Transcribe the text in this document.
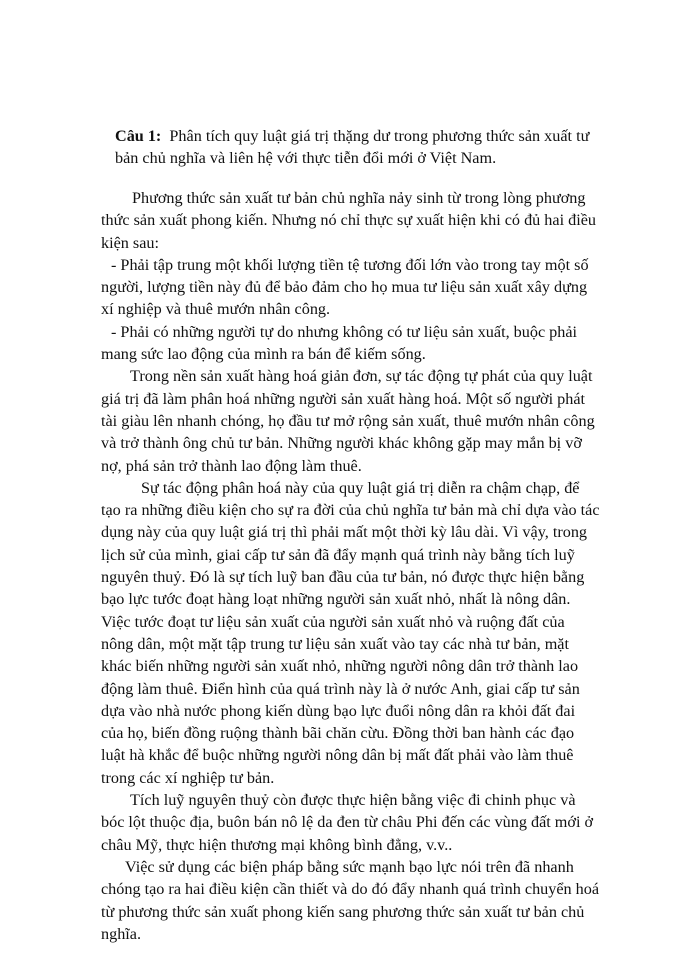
Câu 1: Phân tích quy luật giá trị thặng dư trong phương thức sản xuất tư bản chủ nghĩa và liên hệ với thực tiễn đổi mới ở Việt Nam.

Phương thức sản xuất tư bản chủ nghĩa nảy sinh từ trong lòng phương thức sản xuất phong kiến. Nhưng nó chỉ thực sự xuất hiện khi có đủ hai điều kiện sau:

- Phải tập trung một khối lượng tiền tệ tương đối lớn vào trong tay một số người, lượng tiền này đủ để bảo đảm cho họ mua tư liệu sản xuất xây dựng xí nghiệp và thuê mướn nhân công.

- Phải có những người tự do nhưng không có tư liệu sản xuất, buộc phải mang sức lao động của mình ra bán để kiếm sống.

Trong nền sản xuất hàng hoá giản đơn, sự tác động tự phát của quy luật giá trị đã làm phân hoá những người sản xuất hàng hoá. Một số người phát tài giàu lên nhanh chóng, họ đầu tư mở rộng sản xuất, thuê mướn nhân công và trở thành ông chủ tư bản. Những người khác không gặp may mắn bị vỡ nợ, phá sản trở thành lao động làm thuê.

Sự tác động phân hoá này của quy luật giá trị diễn ra chậm chạp, để tạo ra những điều kiện cho sự ra đời của chủ nghĩa tư bản mà chỉ dựa vào tác dụng này của quy luật giá trị thì phải mất một thời kỳ lâu dài. Vì vậy, trong lịch sử của mình, giai cấp tư sản đã đẩy mạnh quá trình này bằng tích luỹ nguyên thuỷ. Đó là sự tích luỹ ban đầu của tư bản, nó được thực hiện bằng bạo lực tước đoạt hàng loạt những người sản xuất nhỏ, nhất là nông dân. Việc tước đoạt tư liệu sản xuất của người sản xuất nhỏ và ruộng đất của nông dân, một mặt tập trung tư liệu sản xuất vào tay các nhà tư bản, mặt khác biến những người sản xuất nhỏ, những người nông dân trở thành lao động làm thuê. Điển hình của quá trình này là ở nước Anh, giai cấp tư sản dựa vào nhà nước phong kiến dùng bạo lực đuổi nông dân ra khỏi đất đai của họ, biến đồng ruộng thành bãi chăn cừu. Đồng thời ban hành các đạo luật hà khắc để buộc những người nông dân bị mất đất phải vào làm thuê trong các xí nghiệp tư bản.

Tích luỹ nguyên thuỷ còn được thực hiện bằng việc đi chinh phục và bóc lột thuộc địa, buôn bán nô lệ da đen từ châu Phi đến các vùng đất mới ở châu Mỹ, thực hiện thương mại không bình đẳng, v.v..

Việc sử dụng các biện pháp bằng sức mạnh bạo lực nói trên đã nhanh chóng tạo ra hai điều kiện cần thiết và do đó đẩy nhanh quá trình chuyển hoá từ phương thức sản xuất phong kiến sang phương thức sản xuất tư bản chủ nghĩa.
